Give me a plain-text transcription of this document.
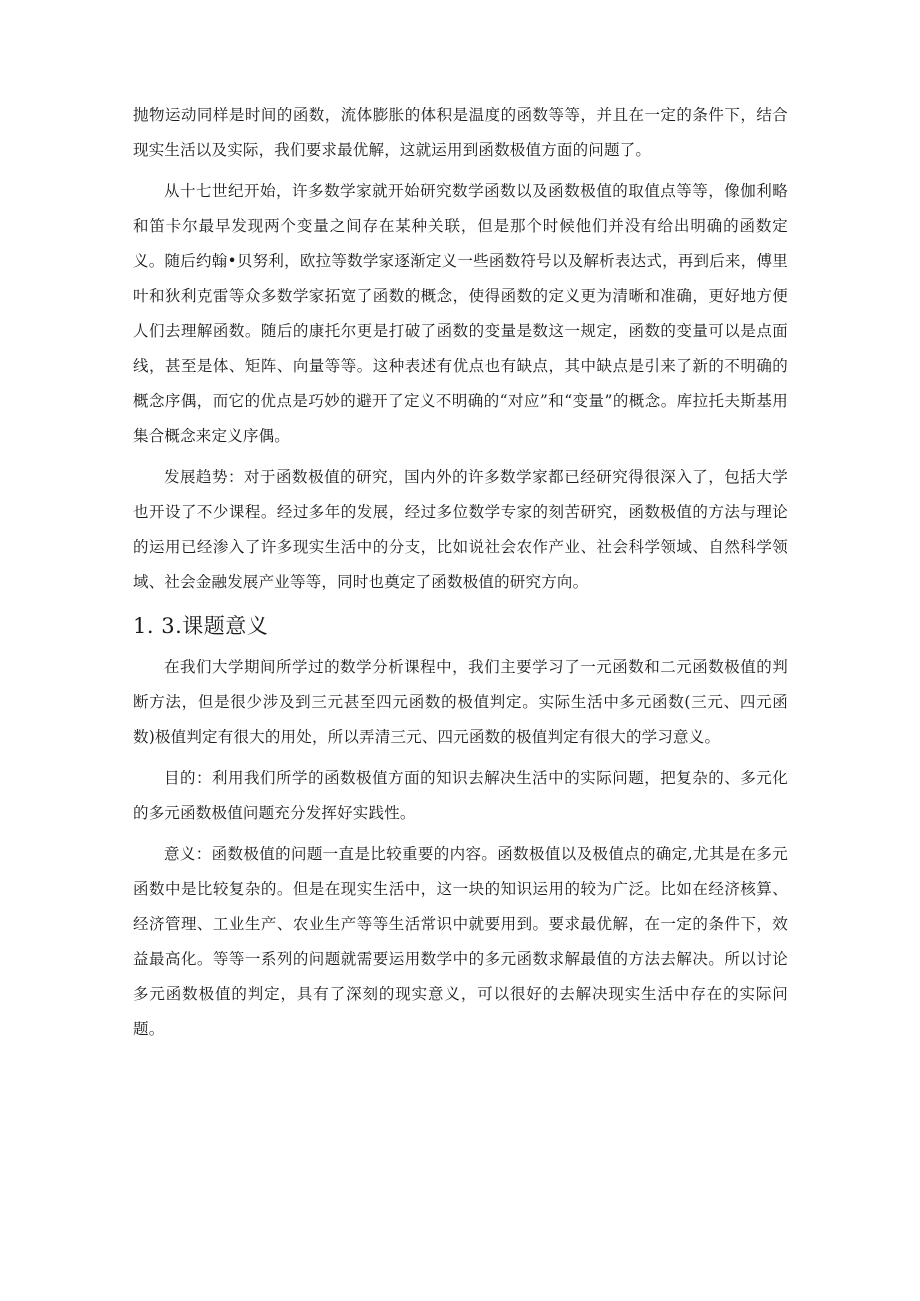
抛物运动同样是时间的函数，流体膨胀的体积是温度的函数等等，并且在一定的条件下，结合现实生活以及实际，我们要求最优解，这就运用到函数极值方面的问题了。

从十七世纪开始，许多数学家就开始研究数学函数以及函数极值的取值点等等，像伽利略和笛卡尔最早发现两个变量之间存在某种关联，但是那个时候他们并没有给出明确的函数定义。随后约翰•贝努利，欧拉等数学家逐渐定义一些函数符号以及解析表达式，再到后来，傅里叶和狄利克雷等众多数学家拓宽了函数的概念，使得函数的定义更为清晰和准确，更好地方便人们去理解函数。随后的康托尔更是打破了函数的变量是数这一规定，函数的变量可以是点面线，甚至是体、矩阵、向量等等。这种表述有优点也有缺点，其中缺点是引来了新的不明确的概念序偶，而它的优点是巧妙的避开了定义不明确的“对应”和“变量”的概念。库拉托夫斯基用集合概念来定义序偶。

发展趋势：对于函数极值的研究，国内外的许多数学家都已经研究得很深入了，包括大学也开设了不少课程。经过多年的发展，经过多位数学专家的刻苦研究，函数极值的方法与理论的运用已经渗入了许多现实生活中的分支，比如说社会农作产业、社会科学领域、自然科学领域、社会金融发展产业等等，同时也奠定了函数极值的研究方向。

1. 3.课题意义

在我们大学期间所学过的数学分析课程中，我们主要学习了一元函数和二元函数极值的判断方法，但是很少涉及到三元甚至四元函数的极值判定。实际生活中多元函数(三元、四元函数)极值判定有很大的用处，所以弄清三元、四元函数的极值判定有很大的学习意义。

目的：利用我们所学的函数极值方面的知识去解决生活中的实际问题，把复杂的、多元化的多元函数极值问题充分发挥好实践性。

意义：函数极值的问题一直是比较重要的内容。函数极值以及极值点的确定,尤其是在多元函数中是比较复杂的。但是在现实生活中，这一块的知识运用的较为广泛。比如在经济核算、经济管理、工业生产、农业生产等等生活常识中就要用到。要求最优解，在一定的条件下，效益最高化。等等一系列的问题就需要运用数学中的多元函数求解最值的方法去解决。所以讨论多元函数极值的判定，具有了深刻的现实意义，可以很好的去解决现实生活中存在的实际问题。
